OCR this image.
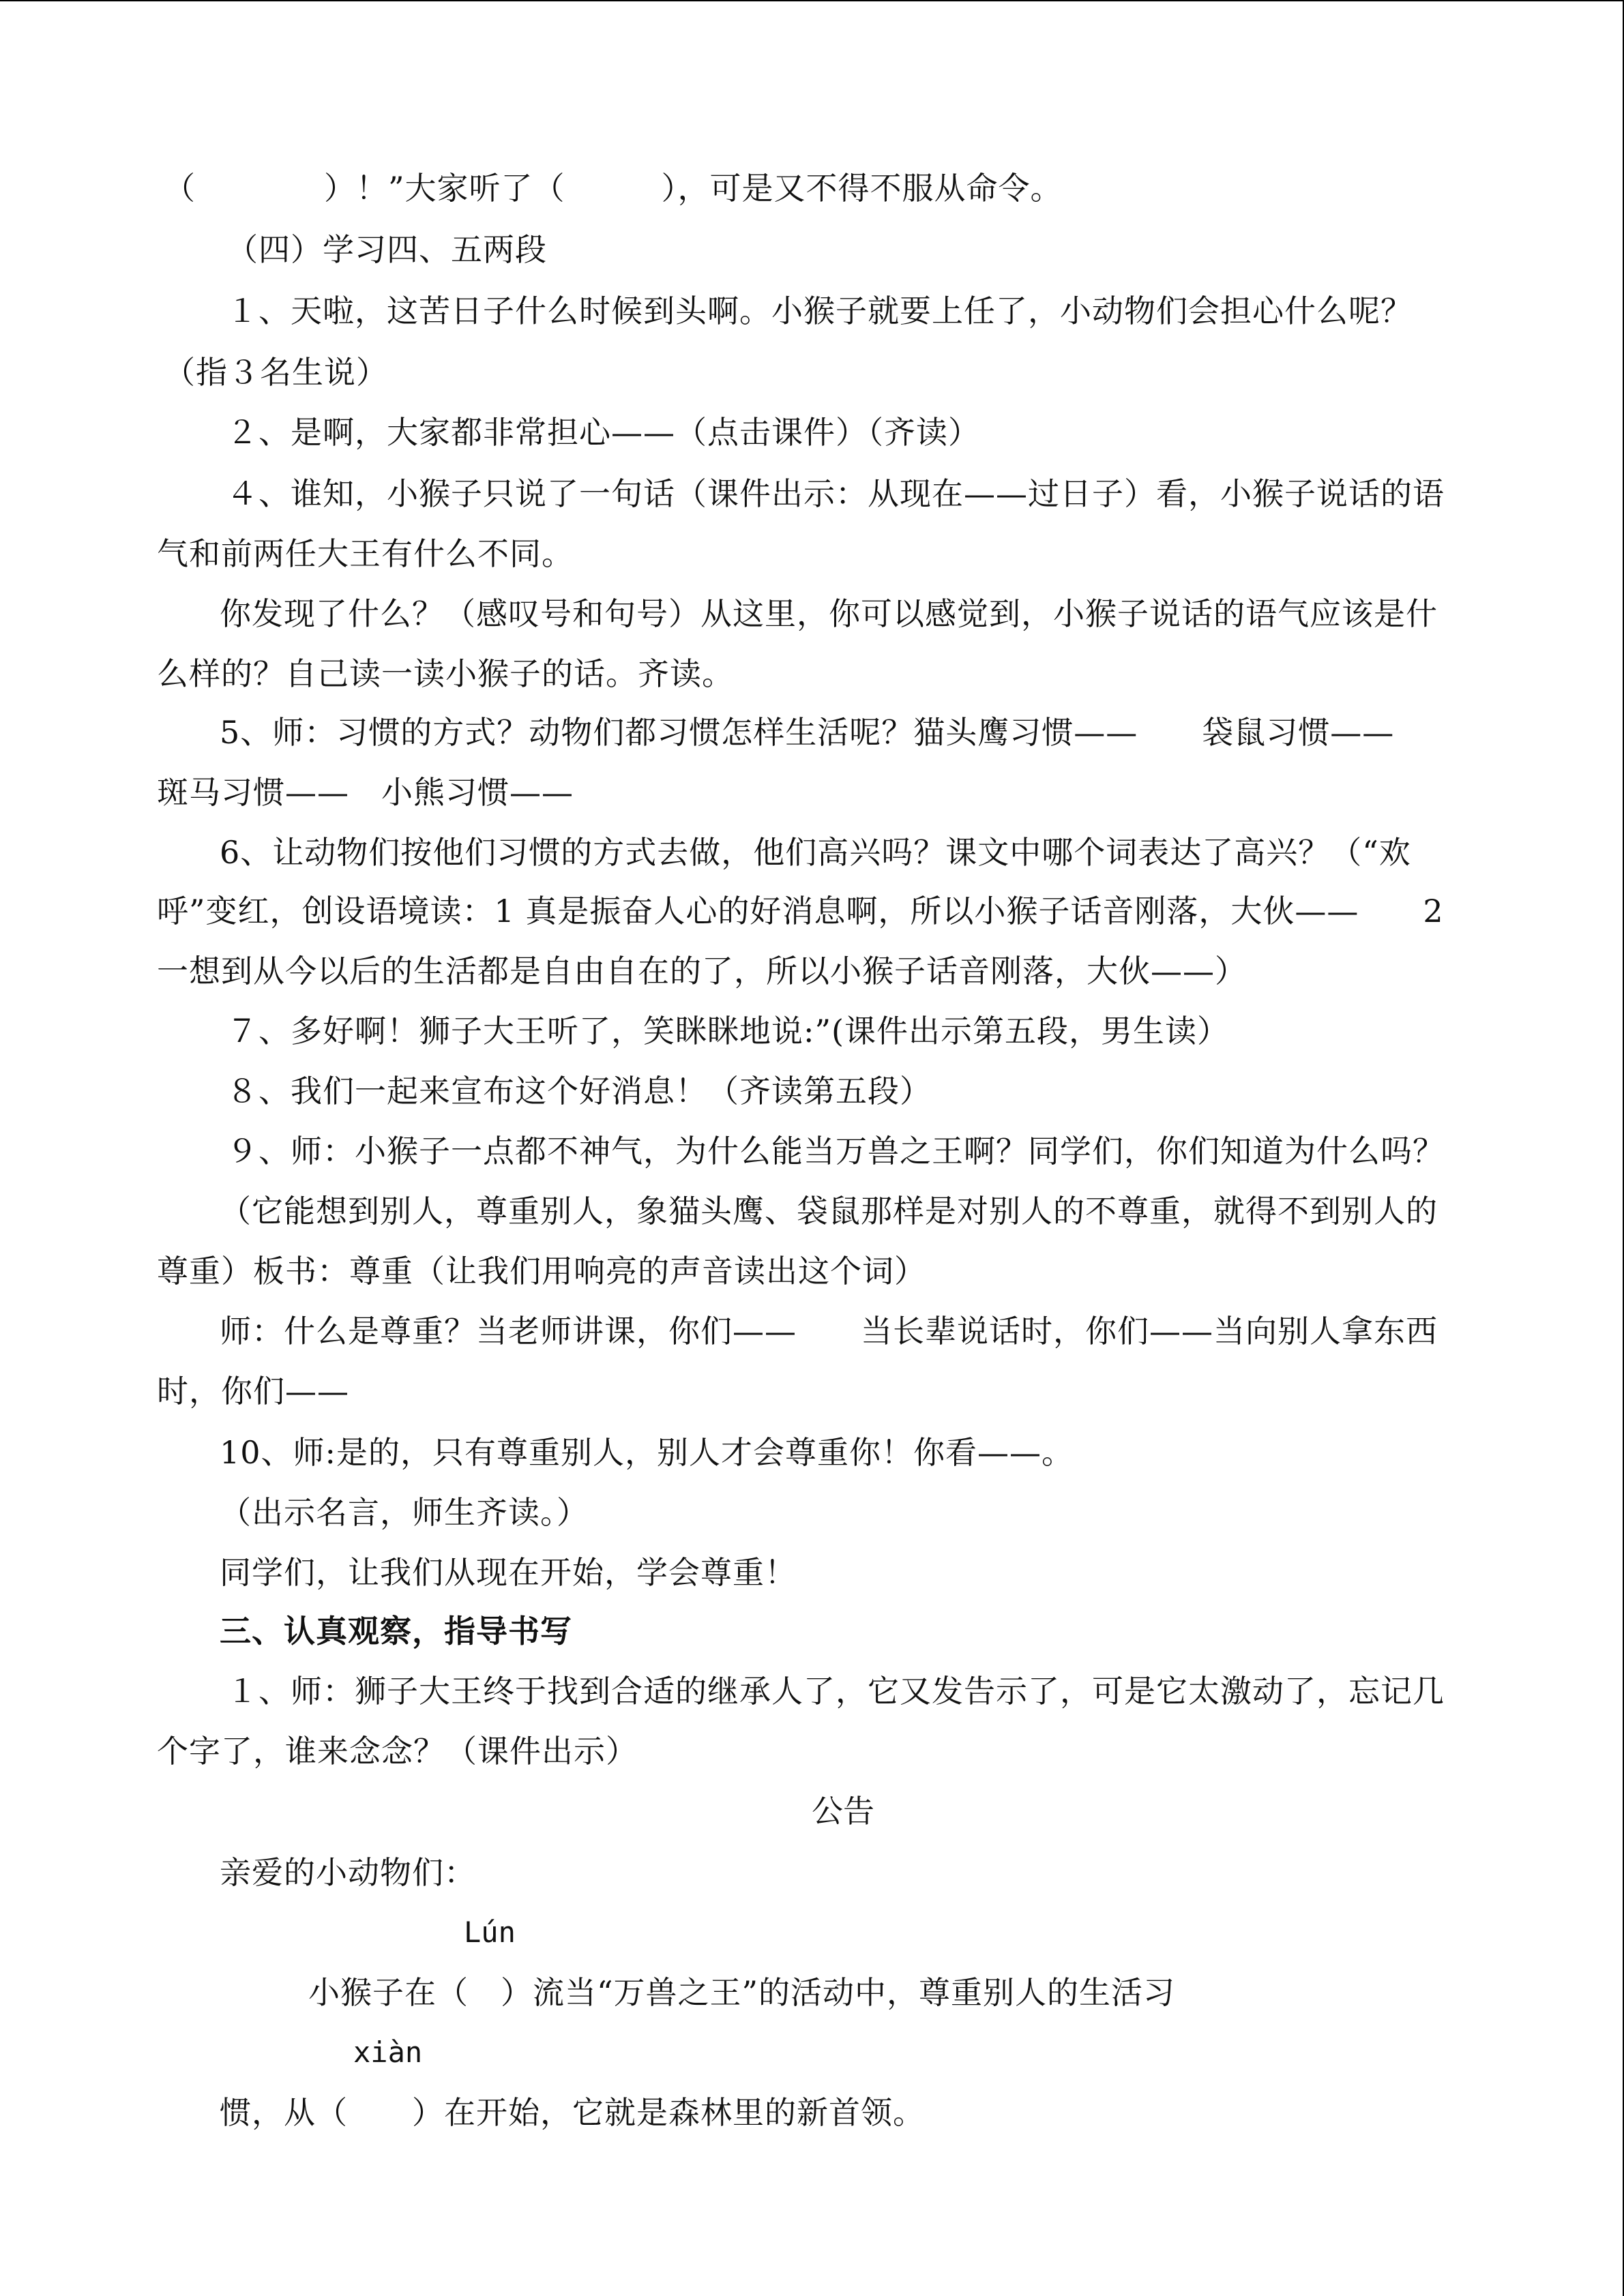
（　　　　）！”大家听了（　　　），可是又不得不服从命令。
（四）学习四、五两段
１、天啦，这苦日子什么时候到头啊。小猴子就要上任了，小动物们会担心什么呢？
（指３名生说）
２、是啊，大家都非常担心——（点击课件）（齐读）
４、谁知，小猴子只说了一句话（课件出示：从现在——过日子）看，小猴子说话的语
气和前两任大王有什么不同。
你发现了什么？（感叹号和句号）从这里，你可以感觉到，小猴子说话的语气应该是什
么样的？自己读一读小猴子的话。齐读。
5、师：习惯的方式？动物们都习惯怎样生活呢？猫头鹰习惯——　　袋鼠习惯——
斑马习惯——　小熊习惯——
6、让动物们按他们习惯的方式去做，他们高兴吗？课文中哪个词表达了高兴？（“欢
呼”变红，创设语境读：1 真是振奋人心的好消息啊，所以小猴子话音刚落，大伙——　　2
一想到从今以后的生活都是自由自在的了，所以小猴子话音刚落，大伙——）
７、多好啊！狮子大王听了，笑眯眯地说:”(课件出示第五段，男生读）
８、我们一起来宣布这个好消息！（齐读第五段）
９、师：小猴子一点都不神气，为什么能当万兽之王啊？同学们，你们知道为什么吗？
（它能想到别人，尊重别人，象猫头鹰、袋鼠那样是对别人的不尊重，就得不到别人的
尊重）板书：尊重（让我们用响亮的声音读出这个词）
师：什么是尊重？当老师讲课，你们——　　当长辈说话时，你们——当向别人拿东西
时，你们——
10、师:是的，只有尊重别人，别人才会尊重你！你看——。
（出示名言，师生齐读。）
同学们，让我们从现在开始，学会尊重！
三、认真观察，指导书写
１、师：狮子大王终于找到合适的继承人了，它又发告示了，可是它太激动了，忘记几
个字了，谁来念念？（课件出示）
公告
亲爱的小动物们：
Lún
小猴子在（　）流当“万兽之王”的活动中，尊重别人的生活习
xiàn
惯，从（　　）在开始，它就是森林里的新首领。
